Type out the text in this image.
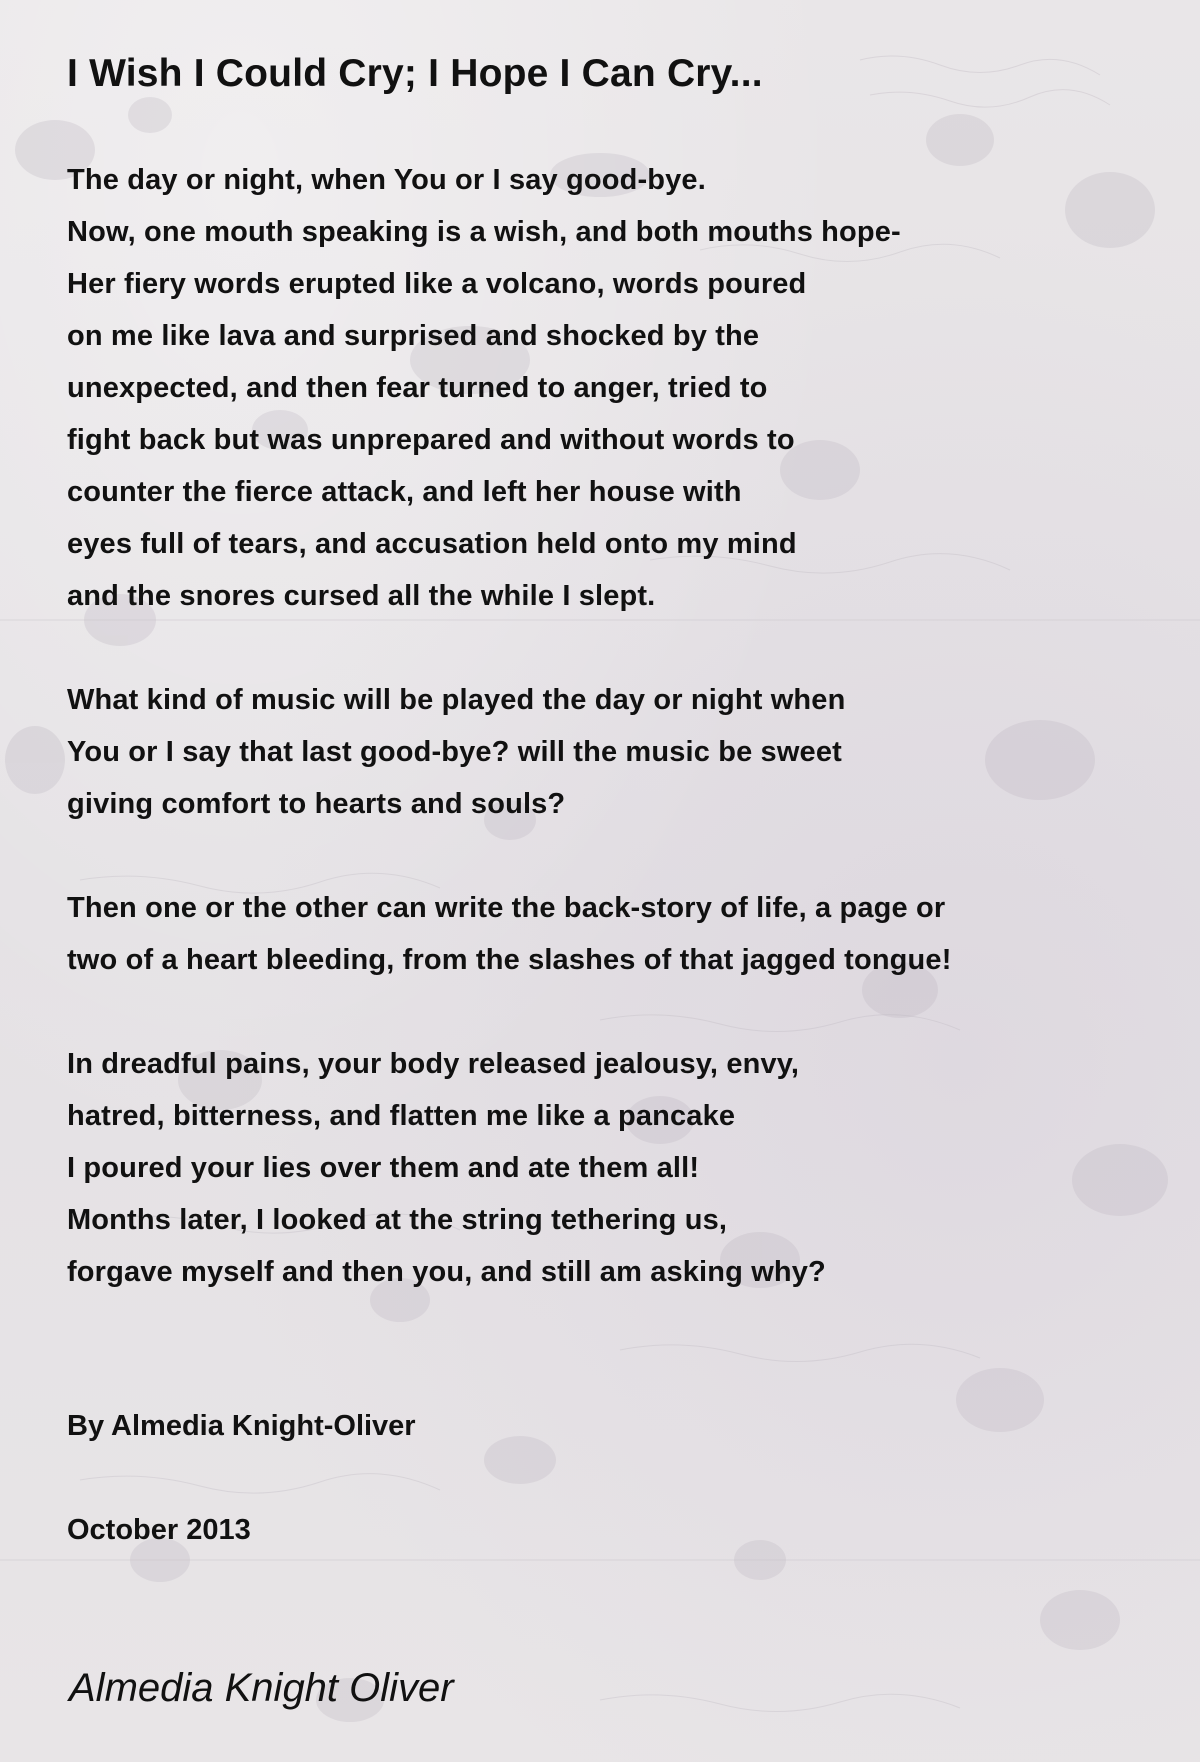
I Wish I Could Cry; I Hope I Can Cry...
The day or night, when You or I say good-bye.
Now, one mouth speaking is a wish, and both mouths hope-
Her fiery words erupted like a volcano, words poured
on me like lava and surprised and shocked by the
unexpected, and then fear turned to anger, tried to
fight back but was unprepared and without words to
counter the fierce attack, and left her house with
eyes full of tears, and accusation held onto my mind
and the snores cursed all the while I slept.
What kind of music will be played the day or night when
You or I say that last good-bye? will the music be sweet
giving comfort to hearts and souls?
Then one or the other can write the back-story of life, a page or
two of a heart bleeding, from the slashes of that jagged tongue!
In dreadful pains, your body released jealousy, envy,
hatred, bitterness, and flatten me like a pancake
I poured your lies over them and ate them all!
Months later, I looked at the string tethering us,
forgave myself and then you, and still am asking why?
By Almedia Knight-Oliver
October 2013
Almedia Knight Oliver
